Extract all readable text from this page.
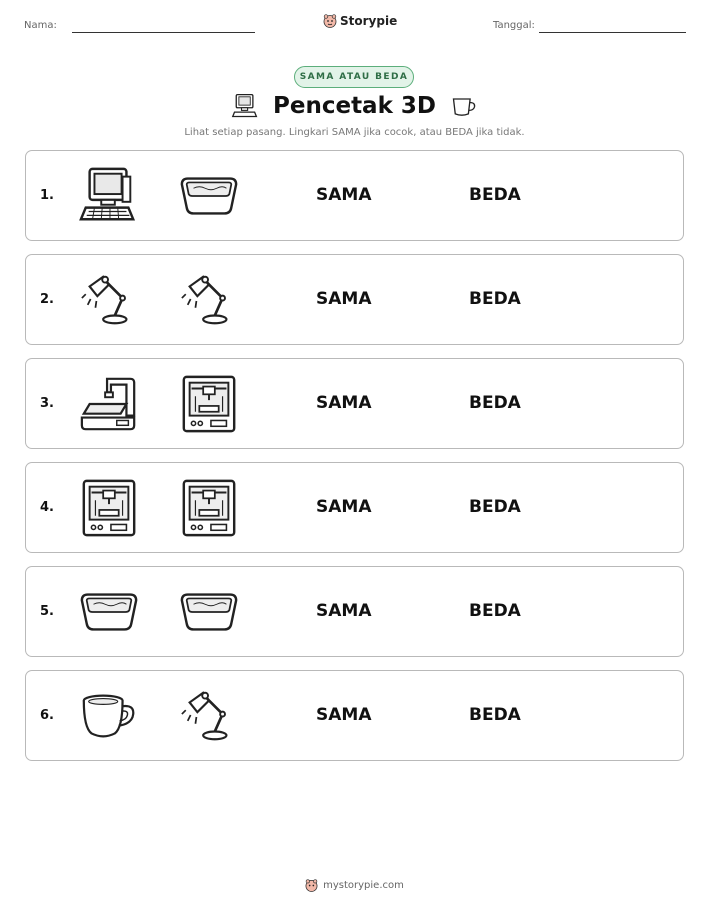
Nama:	Storypie	Tanggal:
SAMA ATAU BEDA
Pencetak 3D
Lihat setiap pasang. Lingkari SAMA jika cocok, atau BEDA jika tidak.
1.	SAMA	BEDA
2.	SAMA	BEDA
3.	SAMA	BEDA
4.	SAMA	BEDA
5.	SAMA	BEDA
6.	SAMA	BEDA
mystorypie.com
